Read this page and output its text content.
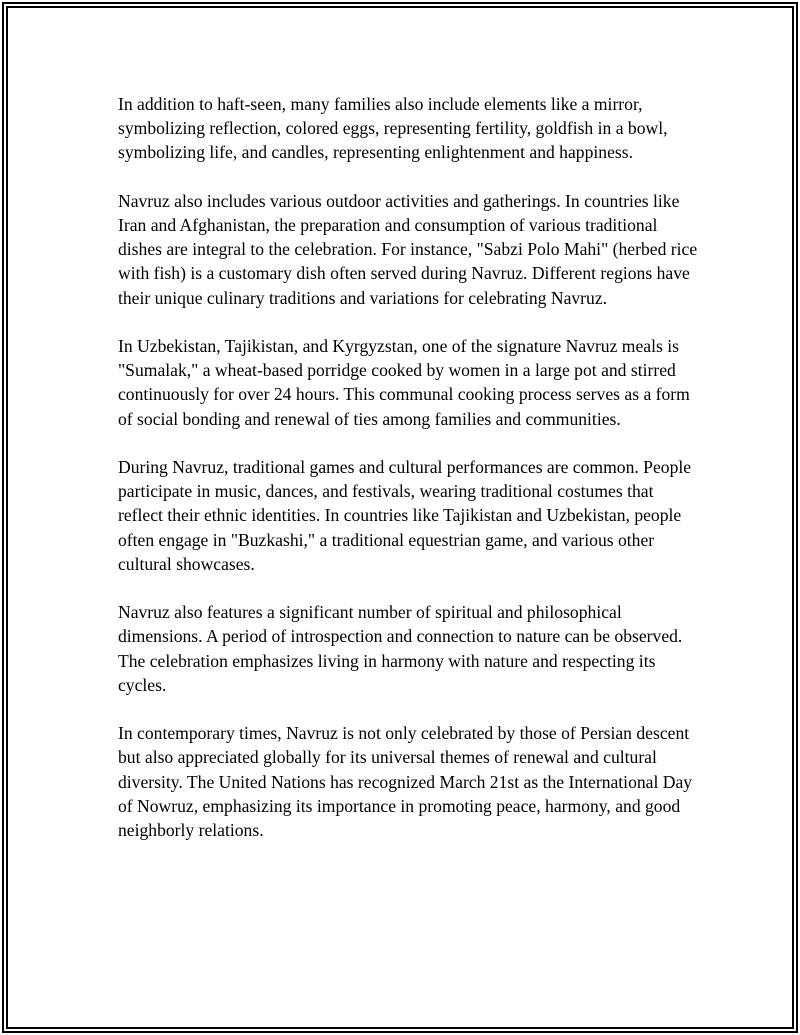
In addition to haft-seen, many families also include elements like a mirror, symbolizing reflection, colored eggs, representing fertility, goldfish in a bowl, symbolizing life, and candles, representing enlightenment and happiness.

Navruz also includes various outdoor activities and gatherings. In countries like Iran and Afghanistan, the preparation and consumption of various traditional dishes are integral to the celebration. For instance, "Sabzi Polo Mahi" (herbed rice with fish) is a customary dish often served during Navruz. Different regions have their unique culinary traditions and variations for celebrating Navruz.

In Uzbekistan, Tajikistan, and Kyrgyzstan, one of the signature Navruz meals is "Sumalak," a wheat-based porridge cooked by women in a large pot and stirred continuously for over 24 hours. This communal cooking process serves as a form of social bonding and renewal of ties among families and communities.

During Navruz, traditional games and cultural performances are common. People participate in music, dances, and festivals, wearing traditional costumes that reflect their ethnic identities. In countries like Tajikistan and Uzbekistan, people often engage in "Buzkashi," a traditional equestrian game, and various other cultural showcases.

Navruz also features a significant number of spiritual and philosophical dimensions. A period of introspection and connection to nature can be observed. The celebration emphasizes living in harmony with nature and respecting its cycles.

In contemporary times, Navruz is not only celebrated by those of Persian descent but also appreciated globally for its universal themes of renewal and cultural diversity. The United Nations has recognized March 21st as the International Day of Nowruz, emphasizing its importance in promoting peace, harmony, and good neighborly relations.
